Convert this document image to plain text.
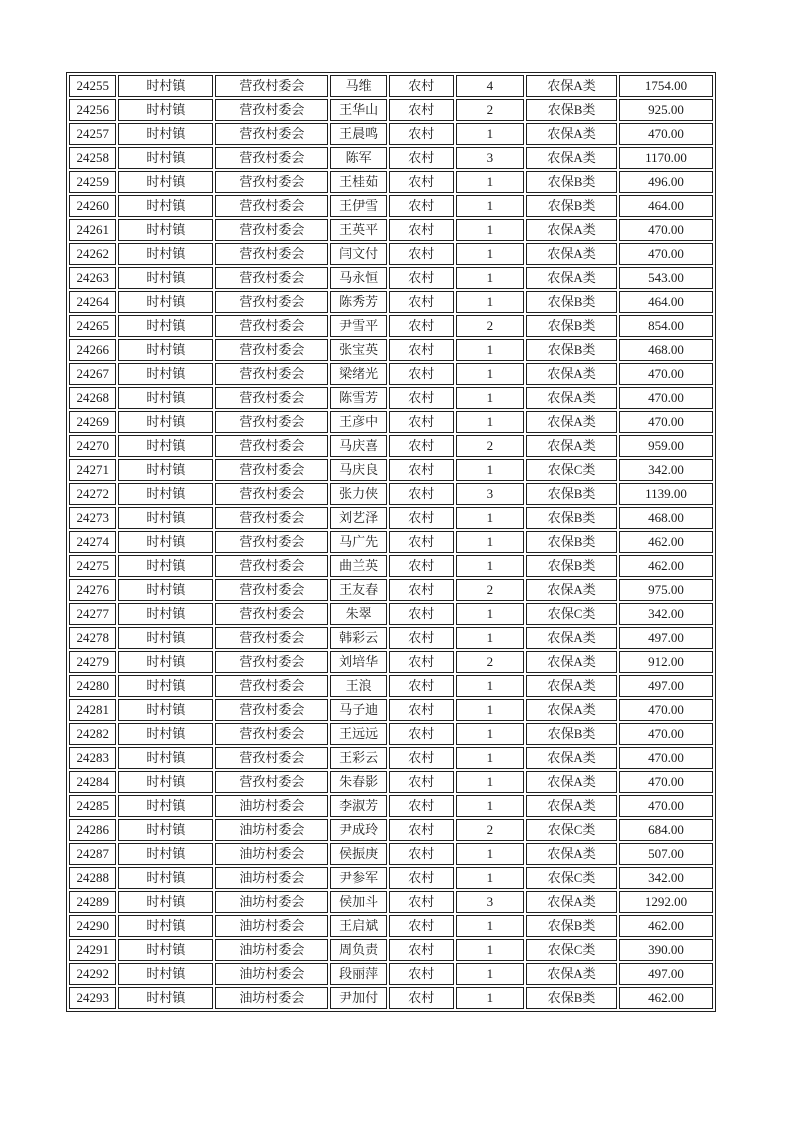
24255	时村镇	营孜村委会	马维	农村	4	农保A类	1754.00
24256	时村镇	营孜村委会	王华山	农村	2	农保B类	925.00
24257	时村镇	营孜村委会	王晨鸣	农村	1	农保A类	470.00
24258	时村镇	营孜村委会	陈军	农村	3	农保A类	1170.00
24259	时村镇	营孜村委会	王桂茹	农村	1	农保B类	496.00
24260	时村镇	营孜村委会	王伊雪	农村	1	农保B类	464.00
24261	时村镇	营孜村委会	王英平	农村	1	农保A类	470.00
24262	时村镇	营孜村委会	闫文付	农村	1	农保A类	470.00
24263	时村镇	营孜村委会	马永恒	农村	1	农保A类	543.00
24264	时村镇	营孜村委会	陈秀芳	农村	1	农保B类	464.00
24265	时村镇	营孜村委会	尹雪平	农村	2	农保B类	854.00
24266	时村镇	营孜村委会	张宝英	农村	1	农保B类	468.00
24267	时村镇	营孜村委会	梁绪光	农村	1	农保A类	470.00
24268	时村镇	营孜村委会	陈雪芳	农村	1	农保A类	470.00
24269	时村镇	营孜村委会	王彦中	农村	1	农保A类	470.00
24270	时村镇	营孜村委会	马庆喜	农村	2	农保A类	959.00
24271	时村镇	营孜村委会	马庆良	农村	1	农保C类	342.00
24272	时村镇	营孜村委会	张力侠	农村	3	农保B类	1139.00
24273	时村镇	营孜村委会	刘艺泽	农村	1	农保B类	468.00
24274	时村镇	营孜村委会	马广先	农村	1	农保B类	462.00
24275	时村镇	营孜村委会	曲兰英	农村	1	农保B类	462.00
24276	时村镇	营孜村委会	王友春	农村	2	农保A类	975.00
24277	时村镇	营孜村委会	朱翠	农村	1	农保C类	342.00
24278	时村镇	营孜村委会	韩彩云	农村	1	农保A类	497.00
24279	时村镇	营孜村委会	刘培华	农村	2	农保A类	912.00
24280	时村镇	营孜村委会	王浪	农村	1	农保A类	497.00
24281	时村镇	营孜村委会	马子迪	农村	1	农保A类	470.00
24282	时村镇	营孜村委会	王远远	农村	1	农保B类	470.00
24283	时村镇	营孜村委会	王彩云	农村	1	农保A类	470.00
24284	时村镇	营孜村委会	朱春影	农村	1	农保A类	470.00
24285	时村镇	油坊村委会	李淑芳	农村	1	农保A类	470.00
24286	时村镇	油坊村委会	尹成玲	农村	2	农保C类	684.00
24287	时村镇	油坊村委会	侯振庚	农村	1	农保A类	507.00
24288	时村镇	油坊村委会	尹参军	农村	1	农保C类	342.00
24289	时村镇	油坊村委会	侯加斗	农村	3	农保A类	1292.00
24290	时村镇	油坊村委会	王启斌	农村	1	农保B类	462.00
24291	时村镇	油坊村委会	周负责	农村	1	农保C类	390.00
24292	时村镇	油坊村委会	段丽萍	农村	1	农保A类	497.00
24293	时村镇	油坊村委会	尹加付	农村	1	农保B类	462.00
